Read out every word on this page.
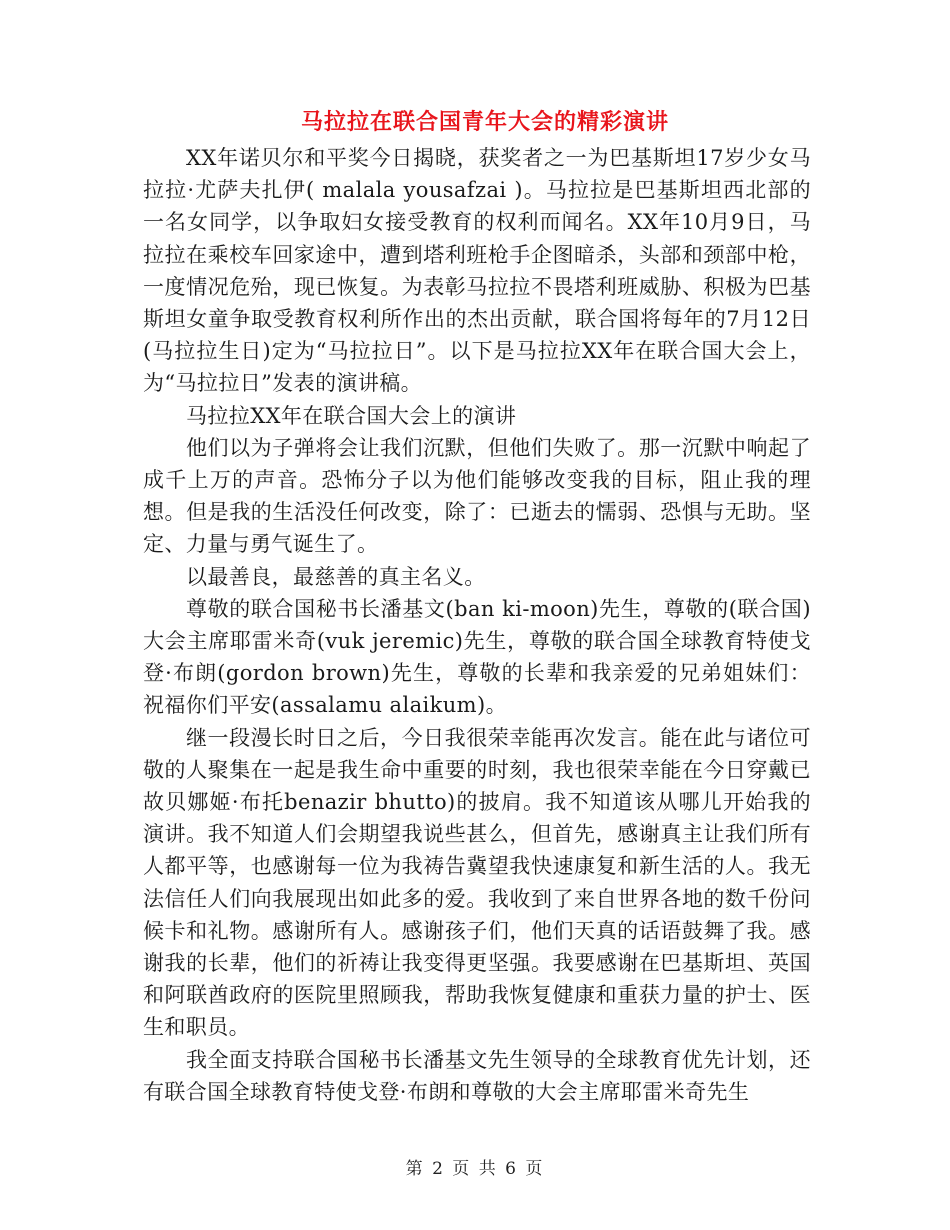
马拉拉在联合国青年大会的精彩演讲

XX年诺贝尔和平奖今日揭晓，获奖者之一为巴基斯坦17岁少女马拉拉·尤萨夫扎伊( malala yousafzai )。马拉拉是巴基斯坦西北部的一名女同学，以争取妇女接受教育的权利而闻名。XX年10月9日，马拉拉在乘校车回家途中，遭到塔利班枪手企图暗杀，头部和颈部中枪，一度情况危殆，现已恢复。为表彰马拉拉不畏塔利班威胁、积极为巴基斯坦女童争取受教育权利所作出的杰出贡献，联合国将每年的7月12日(马拉拉生日)定为“马拉拉日”。以下是马拉拉XX年在联合国大会上，为“马拉拉日”发表的演讲稿。

马拉拉XX年在联合国大会上的演讲

他们以为子弹将会让我们沉默，但他们失败了。那一沉默中响起了成千上万的声音。恐怖分子以为他们能够改变我的目标，阻止我的理想。但是我的生活没任何改变，除了：已逝去的懦弱、恐惧与无助。坚定、力量与勇气诞生了。

以最善良，最慈善的真主名义。

尊敬的联合国秘书长潘基文(ban ki-moon)先生，尊敬的(联合国)大会主席耶雷米奇(vuk jeremic)先生，尊敬的联合国全球教育特使戈登·布朗(gordon brown)先生，尊敬的长辈和我亲爱的兄弟姐妹们：祝福你们平安(assalamu alaikum)。

继一段漫长时日之后，今日我很荣幸能再次发言。能在此与诸位可敬的人聚集在一起是我生命中重要的时刻，我也很荣幸能在今日穿戴已故贝娜姬·布托benazir bhutto)的披肩。我不知道该从哪儿开始我的演讲。我不知道人们会期望我说些甚么，但首先，感谢真主让我们所有人都平等，也感谢每一位为我祷告冀望我快速康复和新生活的人。我无法信任人们向我展现出如此多的爱。我收到了来自世界各地的数千份问候卡和礼物。感谢所有人。感谢孩子们，他们天真的话语鼓舞了我。感谢我的长辈，他们的祈祷让我变得更坚强。我要感谢在巴基斯坦、英国和阿联酋政府的医院里照顾我，帮助我恢复健康和重获力量的护士、医生和职员。

我全面支持联合国秘书长潘基文先生领导的全球教育优先计划，还有联合国全球教育特使戈登·布朗和尊敬的大会主席耶雷米奇先生

第 2 页 共 6 页
